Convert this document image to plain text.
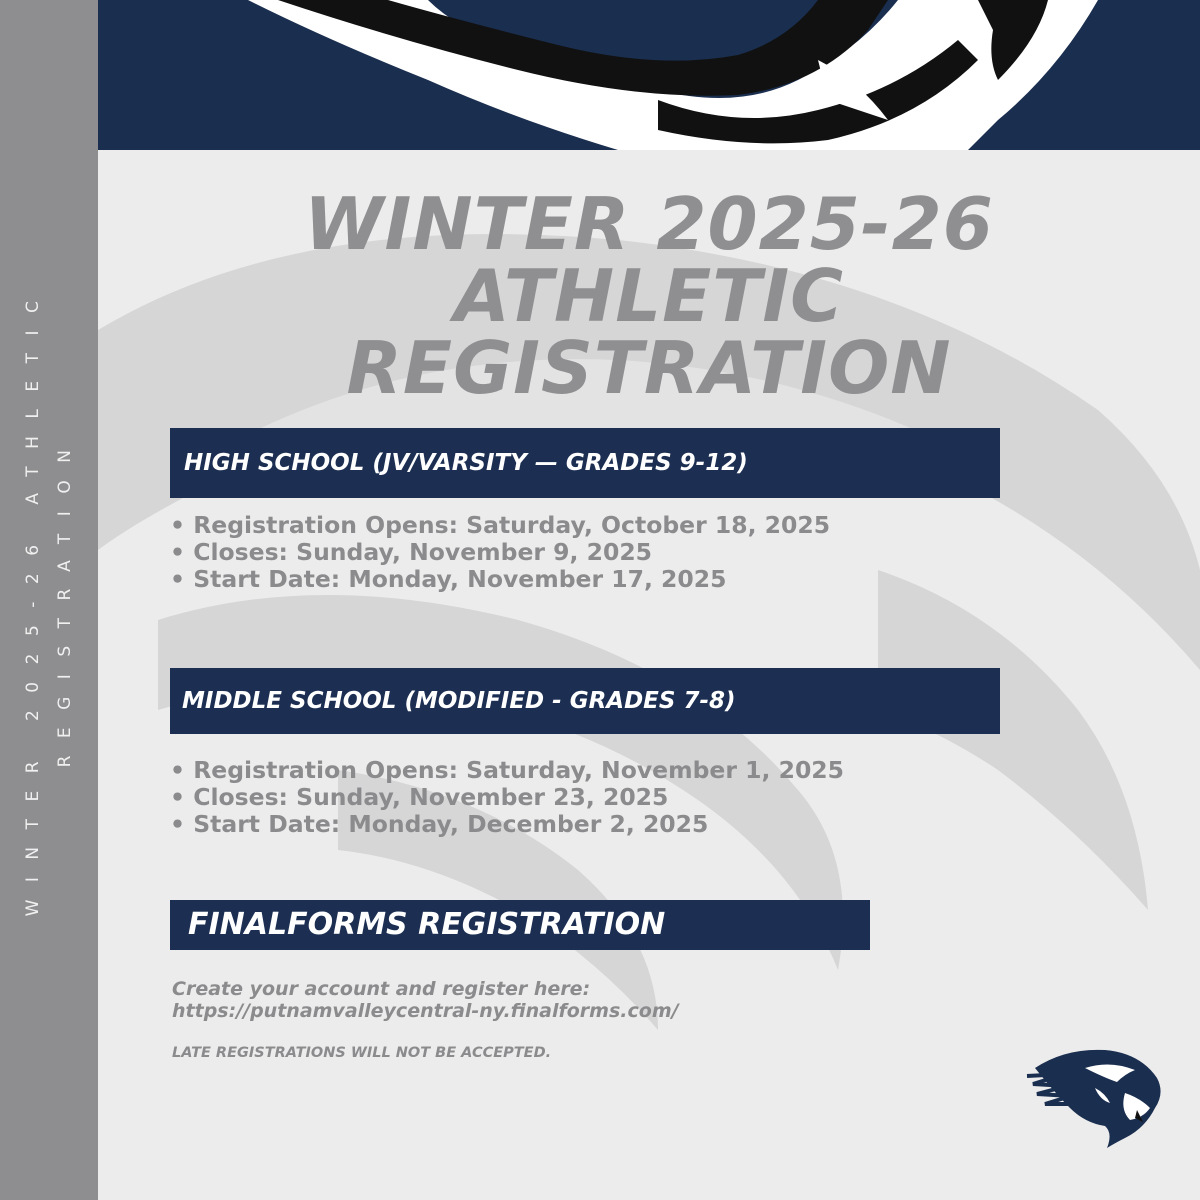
WINTER 2025-26 ATHLETIC REGISTRATION
WINTER 2025-26
ATHLETIC
REGISTRATION
HIGH SCHOOL (JV/VARSITY — GRADES 9-12)
• Registration Opens: Saturday, October 18, 2025
• Closes: Sunday, November 9, 2025
• Start Date: Monday, November 17, 2025
MIDDLE SCHOOL (MODIFIED - GRADES 7-8)
• Registration Opens: Saturday, November 1, 2025
• Closes: Sunday, November 23, 2025
• Start Date: Monday, December 2, 2025
FINALFORMS REGISTRATION
Create your account and register here:
https://putnamvalleycentral-ny.finalforms.com/
LATE REGISTRATIONS WILL NOT BE ACCEPTED.
